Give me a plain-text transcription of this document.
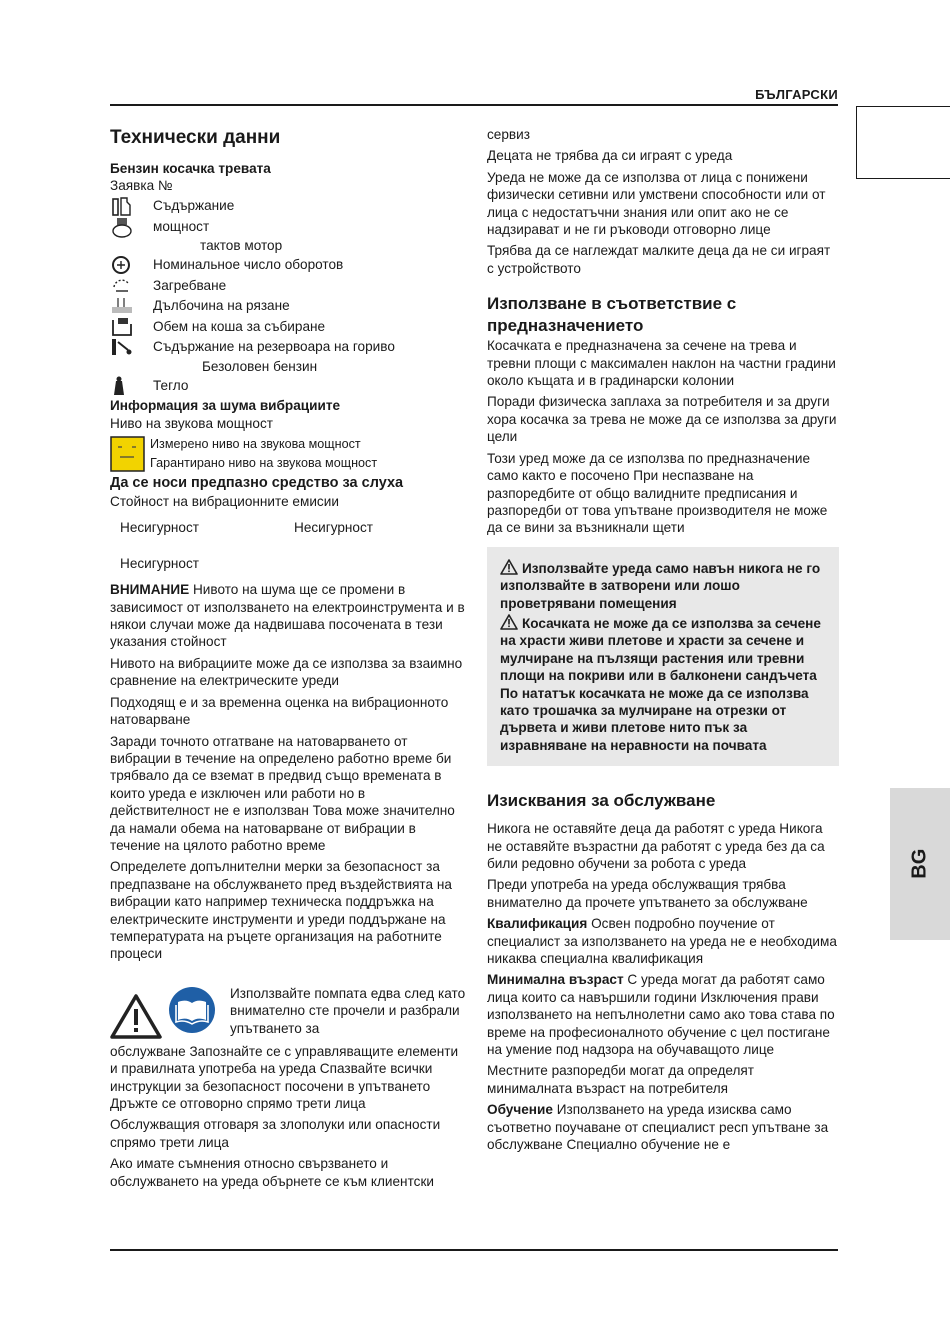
БЪЛГАРСКИ
BG
Технически данни
Бензин косачка тревата
Заявка №
Съдържание
мощност
тактов мотор
Номинальное число оборотов
Загребване
Дълбочина на рязане
Обем на коша за събиране
Съдържание на резервоара на гориво
Безоловен бензин
Тегло
Информация за шума вибрациите
Ниво на звуковa мощност
Измерено ниво на звукова мощност
Гарантирано ниво на звукова мощност
Да се носи предпазно средство за слуха
Стойност на вибрационните емисии
Несигурност	Несигурност
Несигурност

ВНИМАНИЕ Нивото на шума ще се промени в зависимост от използването на електроинструмента и в някои случаи може да надвишава посочената в тези указания стойност

Нивото на вибрациите може да се използва за взаимно сравнение на електрическите уреди

Подходящ е и за временна оценка на вибрационното натоварване

Заради точното отгатване на натоварването от вибрации в течение на определено работно време би трябвало да се вземат в предвид също времената в които уреда е изключен или работи но в действителност не е използван Това може значително да намали обема на натоварване от вибрации в течение на цялото работно време

Определете допълнителни мерки за безопасност за предпазване на обслужването пред въздействията на вибрации като например техническа поддръжка на електрическите инструменти и уреди поддържане на температурата на ръцете организация на работните процеси

Използвайте помпата едва след като внимателно сте прочели и разбрали упътването за

обслужване Запознайте се с управляващите елементи и правилната употреба на уреда Спазвайте всички инструкции за безопасност посочени в упътването Дръжте се отговорно спрямо трети лица

Обслужващия отговаря за злополуки или опасности спрямо трети лица

Ако имате съмнения относно свързването и обслужването на уреда обърнете се към клиентски

сервиз

Децата не трябва да си играят с уреда

Уреда не може да се използва от лица с понижени физически сетивни или умствени способности или от лица с недостатъчни знания или опит ако не се надзирават и не ги ръководи отговорно лице

Трябва да се наглеждат малките деца да не си играят с устройството

Използване в съответствие с предназначението

Косачката е предназначена за сечене на трева и тревни площи с максимален наклон на частни градини около къщата и в градинарски колонии

Поради физическа заплаха за потребителя и за други хора косачка за трева не може да се използва за други цели

Този уред може да се използва по предназначение само както е посочено При неспазване на разпоредбите от общо валидните предписания и разпоредби от това упътване производителя не може да се вини за възникнали щети

Използвайте уреда само навън никога не го използвайте в затворени или лошо проветрявани помещения

Косачката не може да се използва за сечене на храсти живи плетове и храсти за сечене и мулчиране на пълзящи растения или тревни площи на покриви или в балконени сандъчета По нататък косачката не може да се използва като трошачка за мулчиране на отрезки от дървета и живи плетове нито пък за изравняване на неравности на почвата

Изисквания за обслужване

Никога не оставяйте деца да работят с уреда Никога не оставяйте възрастни да работят с уреда без да са били редовно обучени за робота с уреда

Преди употреба на уреда обслужващия трябва внимателно да прочете упътването за обслужване

Квалификация Освен подробно поучение от специалист за използването на уреда не е необходима никаква специална квалификация

Минимална възраст С уреда могат да работят само лица които са навършили години Изключения прави използването на непълнолетни само ако това става по време на професионалното обучение с цел постигане на умение под надзора на обучаващото лице

Местните разпоредби могат да определят минималната възраст на потребителя

Обучение Използването на уреда изисква само съответно поучаване от специалист респ упътване за обслужване Специално обучение не е
